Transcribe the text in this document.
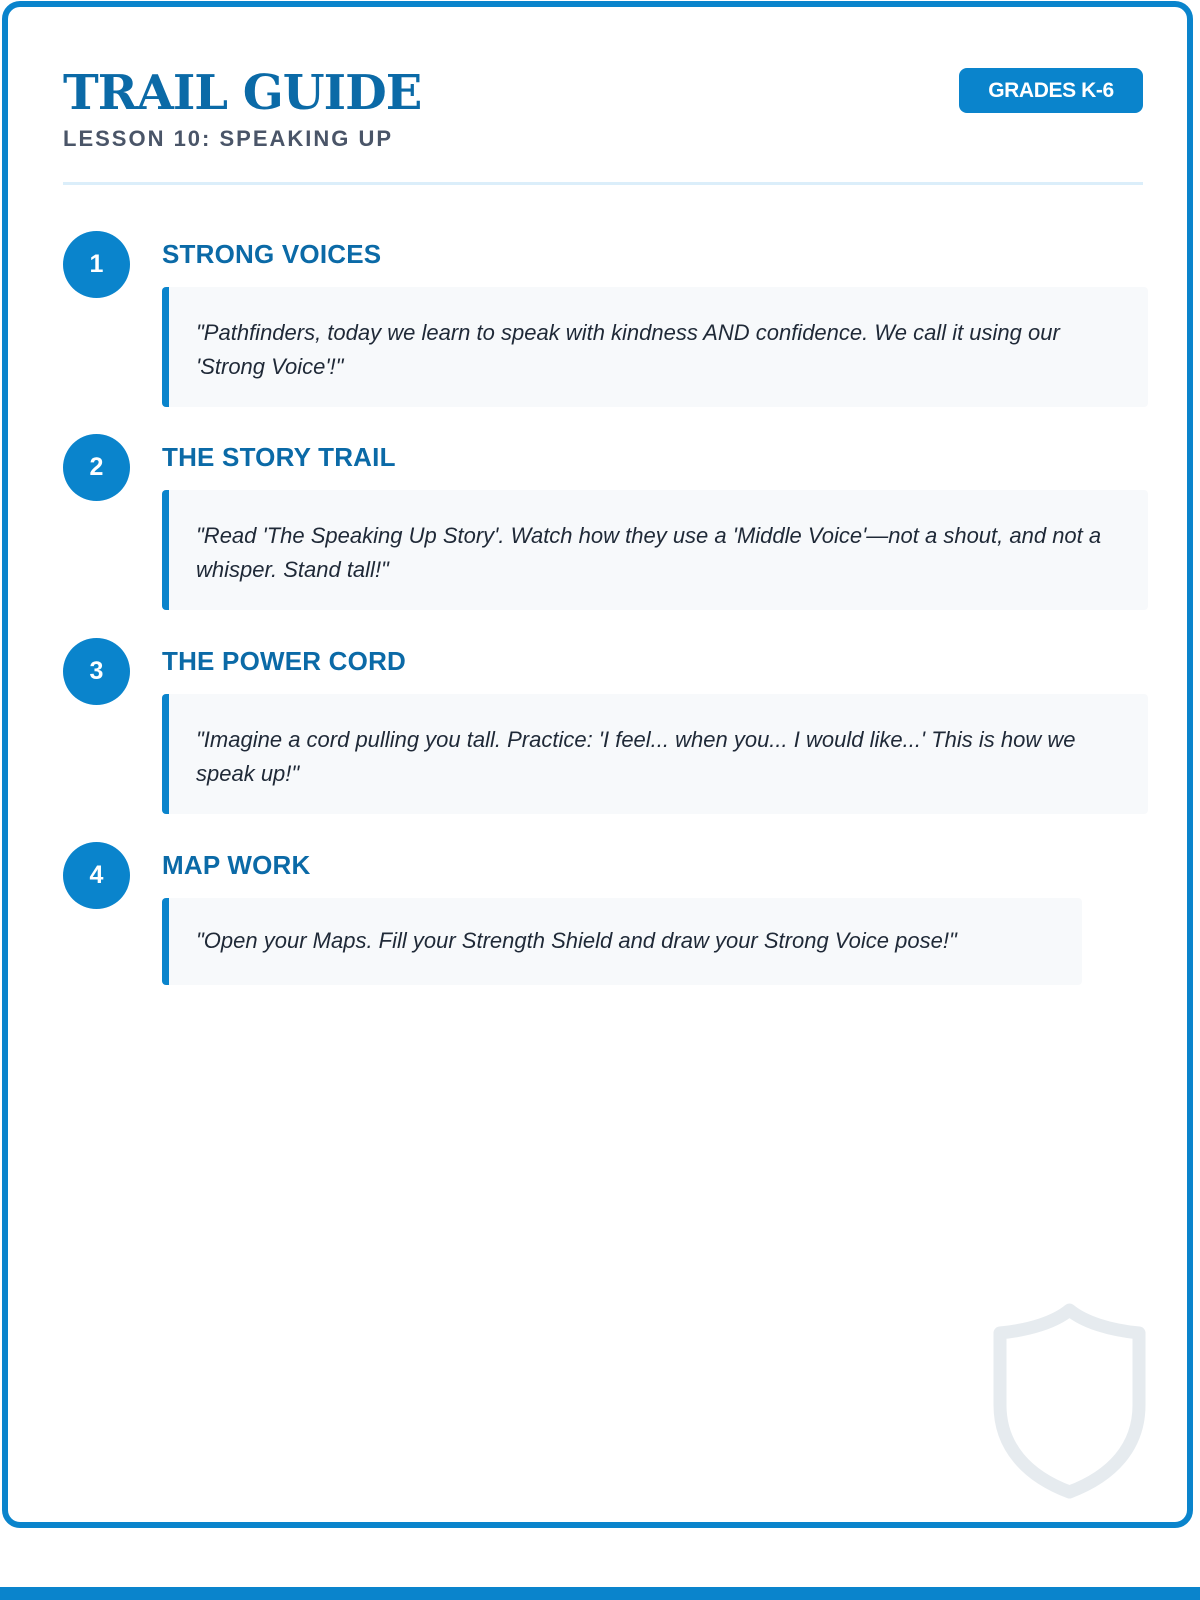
TRAIL GUIDE
LESSON 10: SPEAKING UP
GRADES K-6
1	STRONG VOICES
"Pathfinders, today we learn to speak with kindness AND confidence. We call it using our 'Strong Voice'!"
2	THE STORY TRAIL
"Read 'The Speaking Up Story'. Watch how they use a 'Middle Voice'—not a shout, and not a whisper. Stand tall!"
3	THE POWER CORD
"Imagine a cord pulling you tall. Practice: 'I feel... when you... I would like...' This is how we speak up!"
4	MAP WORK
"Open your Maps. Fill your Strength Shield and draw your Strong Voice pose!"
